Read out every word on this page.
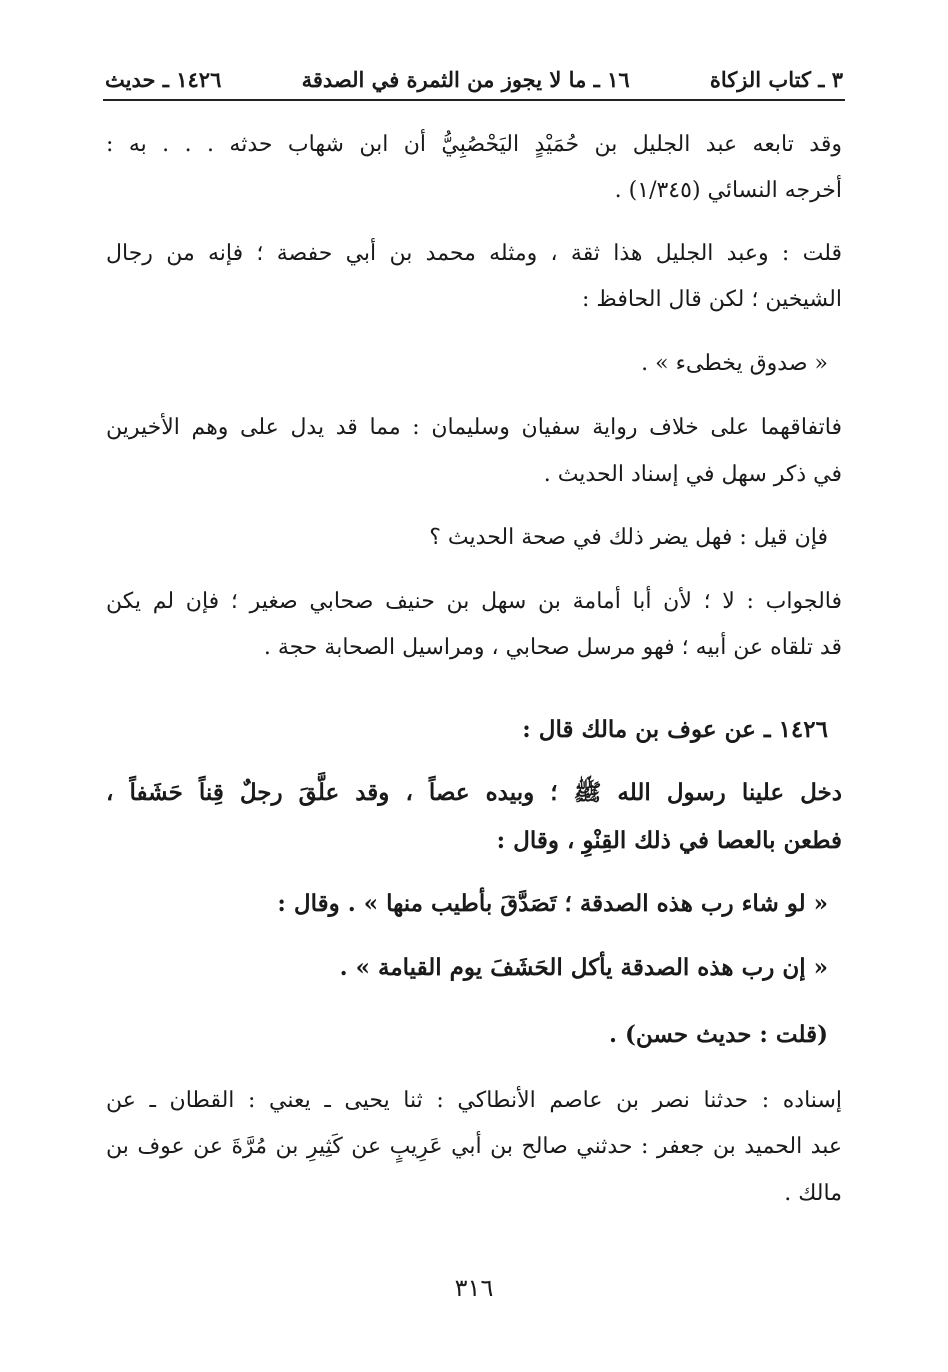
٣ ـ كتاب الزكاة
١٦ ـ ما لا يجوز من الثمرة في الصدقة
١٤٢٦ ـ حديث
وقد تابعه عبد الجليل بن حُمَيْدٍ اليَحْصُبِيُّ أن ابن شهاب حدثه . . . به :
أخرجه النسائي (١/٣٤٥) .
قلت : وعبد الجليل هذا ثقة ، ومثله محمد بن أبي حفصة ؛ فإنه من رجال
الشيخين ؛ لكن قال الحافظ :
« صدوق يخطىء » .
فاتفاقهما على خلاف رواية سفيان وسليمان : مما قد يدل على وهم الأخيرين
في ذكر سهل في إسناد الحديث .
فإن قيل : فهل يضر ذلك في صحة الحديث ؟
فالجواب : لا ؛ لأن أبا أمامة بن سهل بن حنيف صحابي صغير ؛ فإن لم يكن
قد تلقاه عن أبيه ؛ فهو مرسل صحابي ، ومراسيل الصحابة حجة .
١٤٢٦ ـ عن عوف بن مالك قال :
دخل علينا رسول الله ﷺ ؛ وبيده عصاً ، وقد علَّقَ رجلٌ قِناً حَشَفاً ،
فطعن بالعصا في ذلك القِنْوِ ، وقال :
« لو شاء رب هذه الصدقة ؛ تَصَدَّقَ بأطيب منها » . وقال :
« إن رب هذه الصدقة يأكل الحَشَفَ يوم القيامة » .
(قلت : حديث حسن) .
إسناده : حدثنا نصر بن عاصم الأنطاكي : ثنا يحيى ـ يعني : القطان ـ عن
عبد الحميد بن جعفر : حدثني صالح بن أبي عَرِيبٍ عن كَثِيرِ بن مُرَّةَ عن عوف بن
مالك .
٣١٦
